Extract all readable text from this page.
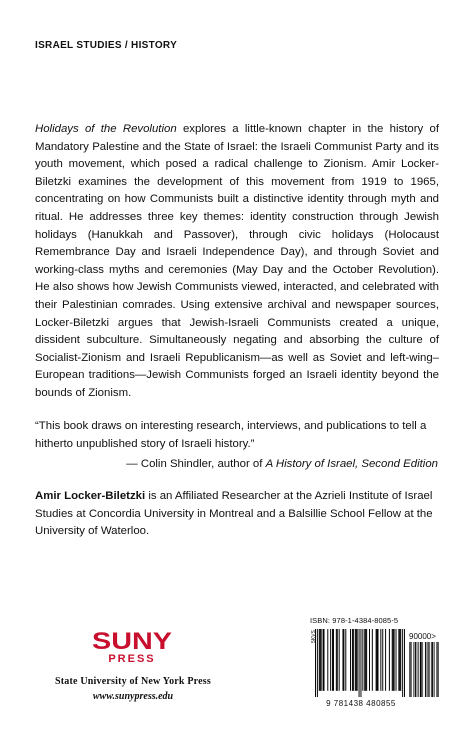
ISRAEL STUDIES / HISTORY
Holidays of the Revolution explores a little-known chapter in the history of Mandatory Palestine and the State of Israel: the Israeli Communist Party and its youth movement, which posed a radical challenge to Zionism. Amir Locker-Biletzki examines the development of this movement from 1919 to 1965, concentrating on how Communists built a distinctive identity through myth and ritual. He addresses three key themes: identity construction through Jewish holidays (Hanukkah and Passover), through civic holidays (Holocaust Remembrance Day and Israeli Independence Day), and through Soviet and working-class myths and ceremonies (May Day and the October Revolution). He also shows how Jewish Communists viewed, interacted, and celebrated with their Palestinian comrades. Using extensive archival and newspaper sources, Locker-Biletzki argues that Jewish-Israeli Communists created a unique, dissident subculture. Simultaneously negating and absorbing the culture of Socialist-Zionism and Israeli Republicanism—as well as Soviet and left-wing–European traditions—Jewish Communists forged an Israeli identity beyond the bounds of Zionism.
“This book draws on interesting research, interviews, and publications to tell a hitherto unpublished story of Israeli history.”
— Colin Shindler, author of A History of Israel, Second Edition
Amir Locker-Biletzki is an Affiliated Researcher at the Azrieli Institute of Israel Studies at Concordia University in Montreal and a Balsillie School Fellow at the University of Waterloo.
SUNY
PRESS
State University of New York Press
www.sunypress.edu
ISBN: 978-1-4384-8085-5
90000>
5KVS
9 781438 480855
